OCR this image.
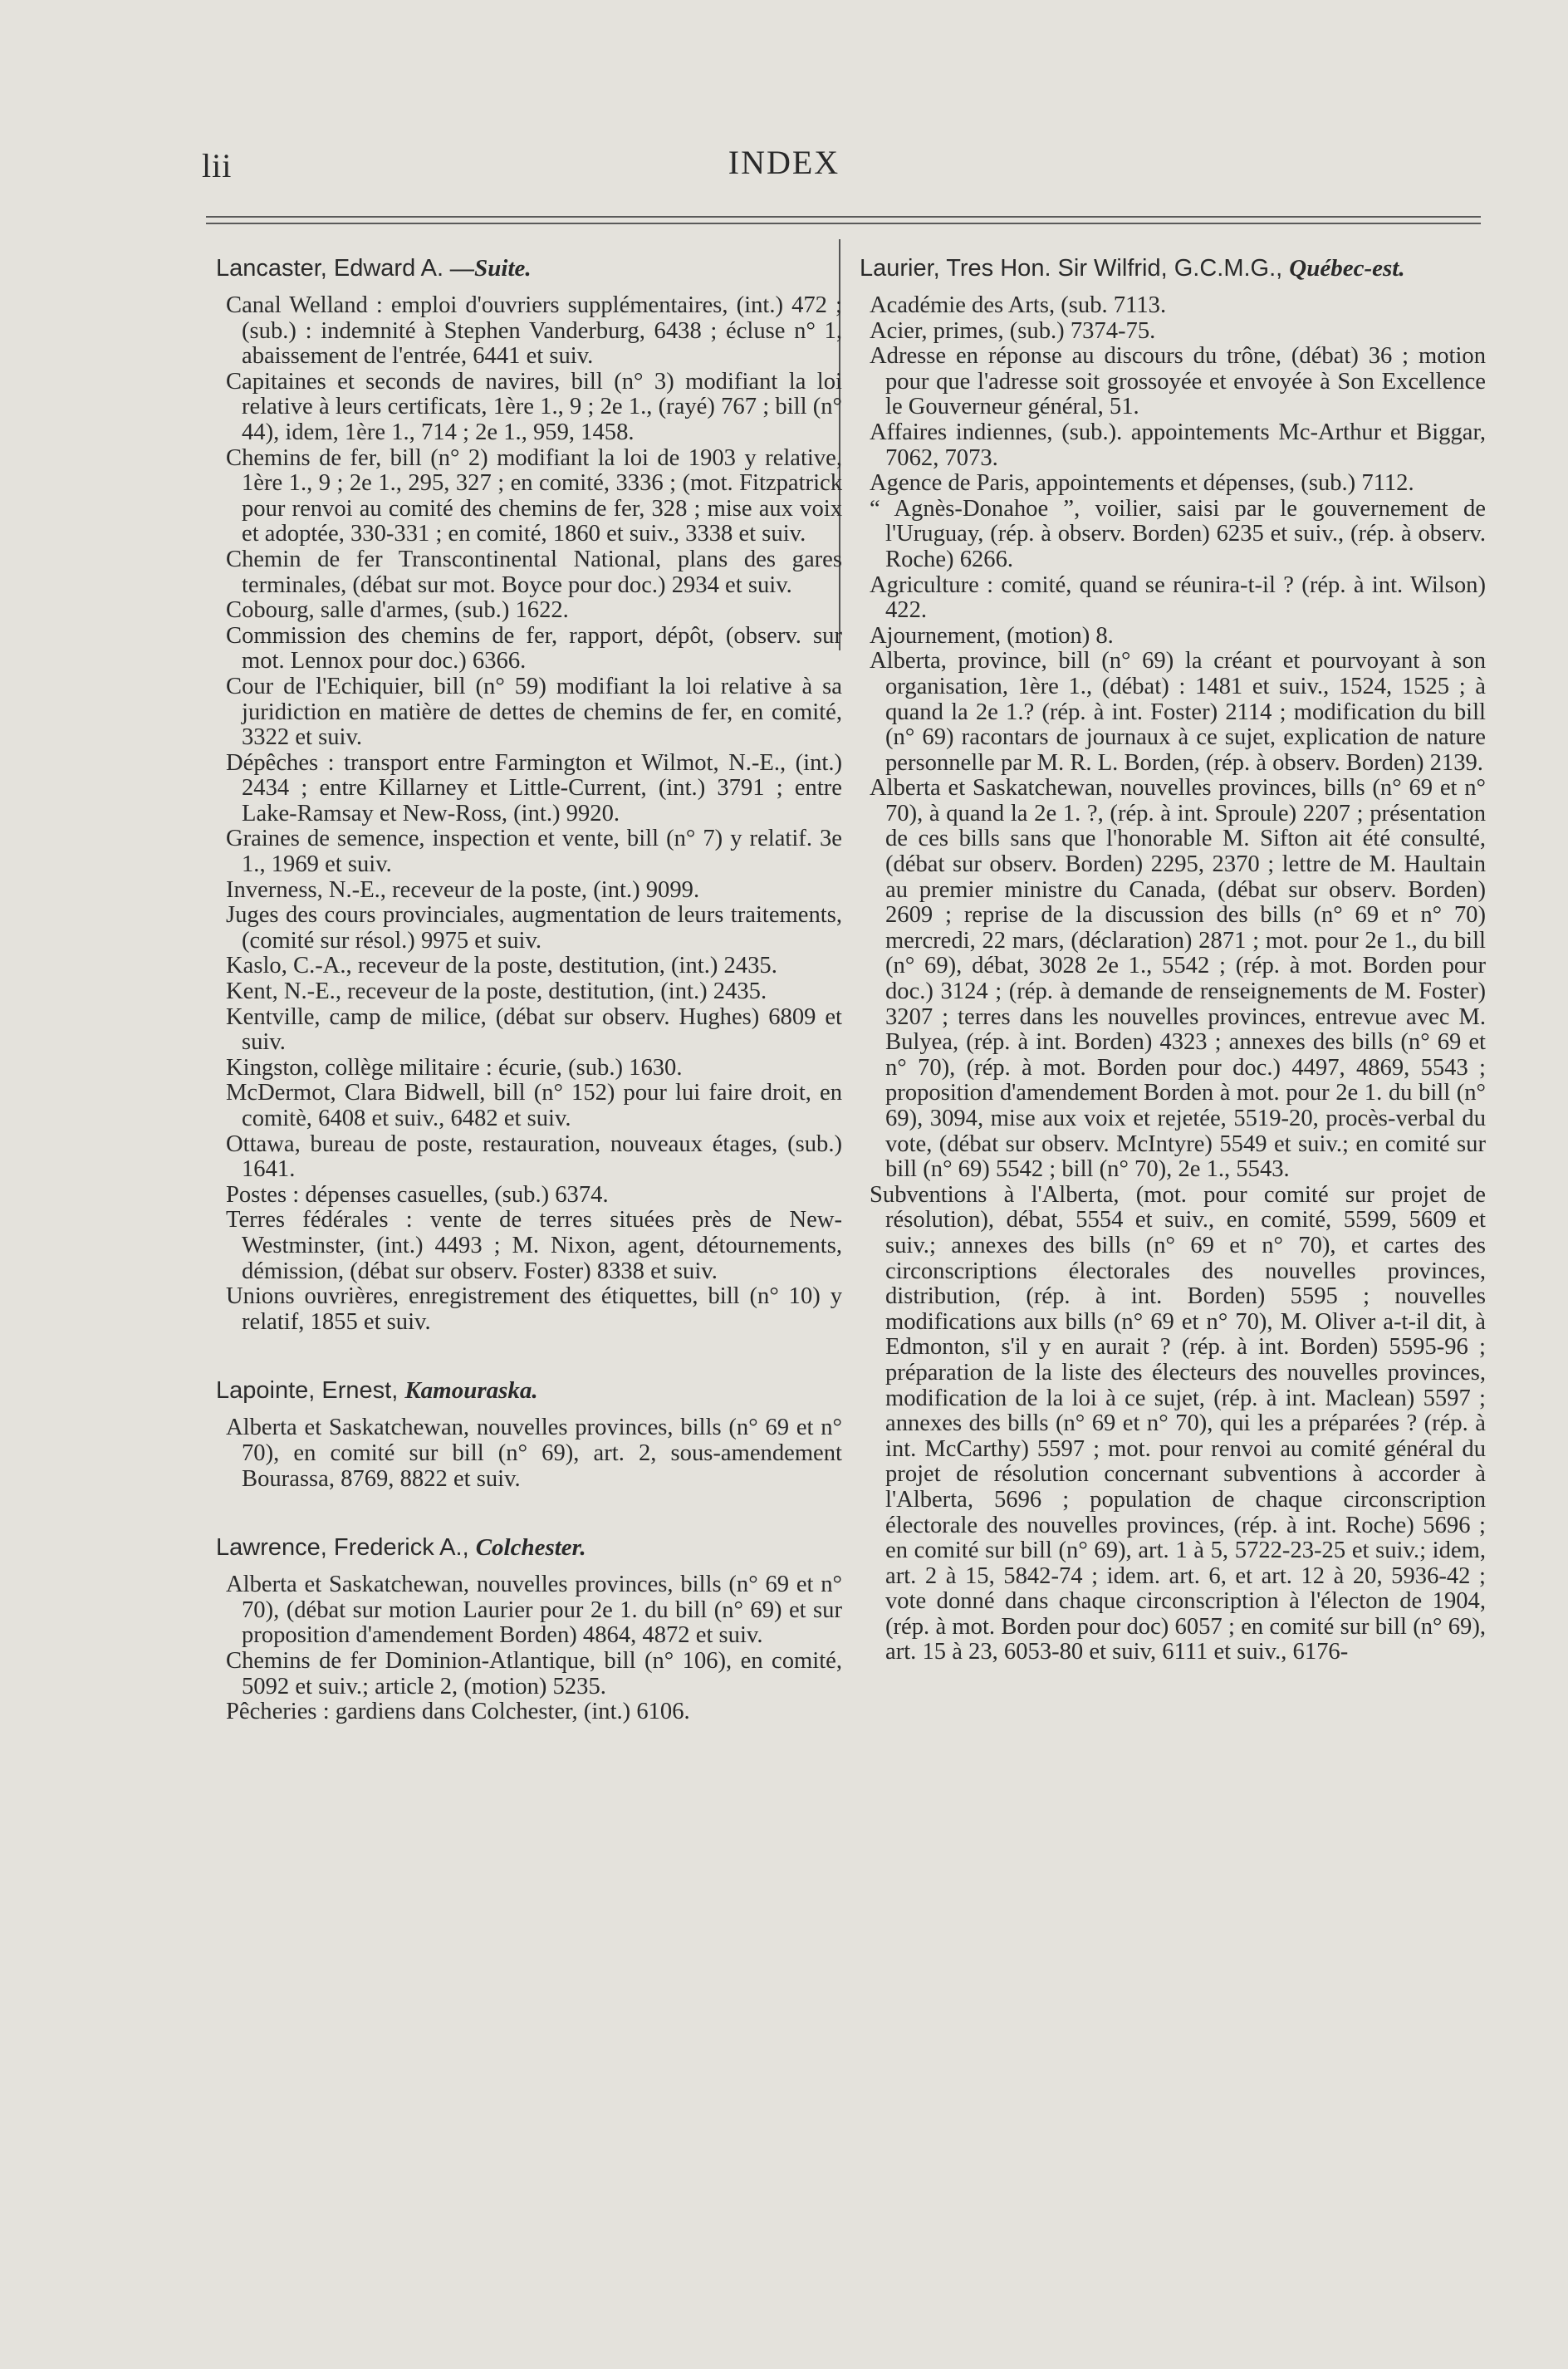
lii	INDEX
Lancaster, Edward A. —Suite.

Canal Welland : emploi d'ouvriers supplémentaires, (int.) 472 ; (sub.) : indemnité à Stephen Vanderburg, 6438 ; écluse n° 1, abaissement de l'entrée, 6441 et suiv.

Capitaines et seconds de navires, bill (n° 3) modifiant la loi relative à leurs certificats, 1ère 1., 9 ; 2e 1., (rayé) 767 ; bill (n° 44), idem, 1ère 1., 714 ; 2e 1., 959, 1458.

Chemins de fer, bill (n° 2) modifiant la loi de 1903 y relative, 1ère 1., 9 ; 2e 1., 295, 327 ; en comité, 3336 ; (mot. Fitzpatrick pour renvoi au comité des chemins de fer, 328 ; mise aux voix et adoptée, 330-331 ; en comité, 1860 et suiv., 3338 et suiv.

Chemin de fer Transcontinental National, plans des gares terminales, (débat sur mot. Boyce pour doc.) 2934 et suiv.

Cobourg, salle d'armes, (sub.) 1622.

Commission des chemins de fer, rapport, dépôt, (observ. sur mot. Lennox pour doc.) 6366.

Cour de l'Echiquier, bill (n° 59) modifiant la loi relative à sa juridiction en matière de dettes de chemins de fer, en comité, 3322 et suiv.

Dépêches : transport entre Farmington et Wilmot, N.-E., (int.) 2434 ; entre Killarney et Little-Current, (int.) 3791 ; entre Lake-Ramsay et New-Ross, (int.) 9920.

Graines de semence, inspection et vente, bill (n° 7) y relatif. 3e 1., 1969 et suiv.

Inverness, N.-E., receveur de la poste, (int.) 9099.

Juges des cours provinciales, augmentation de leurs traitements, (comité sur résol.) 9975 et suiv.

Kaslo, C.-A., receveur de la poste, destitution, (int.) 2435.

Kent, N.-E., receveur de la poste, destitution, (int.) 2435.

Kentville, camp de milice, (débat sur observ. Hughes) 6809 et suiv.

Kingston, collège militaire : écurie, (sub.) 1630.

McDermot, Clara Bidwell, bill (n° 152) pour lui faire droit, en comitè, 6408 et suiv., 6482 et suiv.

Ottawa, bureau de poste, restauration, nouveaux étages, (sub.) 1641.

Postes : dépenses casuelles, (sub.) 6374.

Terres fédérales : vente de terres situées près de New-Westminster, (int.) 4493 ; M. Nixon, agent, détournements, démission, (débat sur observ. Foster) 8338 et suiv.

Unions ouvrières, enregistrement des étiquettes, bill (n° 10) y relatif, 1855 et suiv.

Lapointe, Ernest, Kamouraska.

Alberta et Saskatchewan, nouvelles provinces, bills (n° 69 et n° 70), en comité sur bill (n° 69), art. 2, sous-amendement Bourassa, 8769, 8822 et suiv.

Lawrence, Frederick A., Colchester.

Alberta et Saskatchewan, nouvelles provinces, bills (n° 69 et n° 70), (débat sur motion Laurier pour 2e 1. du bill (n° 69) et sur proposition d'amendement Borden) 4864, 4872 et suiv.

Chemins de fer Dominion-Atlantique, bill (n° 106), en comité, 5092 et suiv.; article 2, (motion) 5235.

Pêcheries : gardiens dans Colchester, (int.) 6106.

Laurier, Tres Hon. Sir Wilfrid, G.C.M.G., Québec-est.

Académie des Arts, (sub. 7113.

Acier, primes, (sub.) 7374-75.

Adresse en réponse au discours du trône, (débat) 36 ; motion pour que l'adresse soit grossoyée et envoyée à Son Excellence le Gouverneur général, 51.

Affaires indiennes, (sub.). appointements Mc-Arthur et Biggar, 7062, 7073.

Agence de Paris, appointements et dépenses, (sub.) 7112.

“ Agnès-Donahoe ”, voilier, saisi par le gouvernement de l'Uruguay, (rép. à observ. Borden) 6235 et suiv., (rép. à observ. Roche) 6266.

Agriculture : comité, quand se réunira-t-il ? (rép. à int. Wilson) 422.

Ajournement, (motion) 8.

Alberta, province, bill (n° 69) la créant et pourvoyant à son organisation, 1ère 1., (débat) : 1481 et suiv., 1524, 1525 ; à quand la 2e 1.? (rép. à int. Foster) 2114 ; modification du bill (n° 69) racontars de journaux à ce sujet, explication de nature personnelle par M. R. L. Borden, (rép. à observ. Borden) 2139.

Alberta et Saskatchewan, nouvelles provinces, bills (n° 69 et n° 70), à quand la 2e 1. ?, (rép. à int. Sproule) 2207 ; présentation de ces bills sans que l'honorable M. Sifton ait été consulté, (débat sur observ. Borden) 2295, 2370 ; lettre de M. Haultain au premier ministre du Canada, (débat sur observ. Borden) 2609 ; reprise de la discussion des bills (n° 69 et n° 70) mercredi, 22 mars, (déclaration) 2871 ; mot. pour 2e 1., du bill (n° 69), débat, 3028 2e 1., 5542 ; (rép. à mot. Borden pour doc.) 3124 ; (rép. à demande de renseignements de M. Foster) 3207 ; terres dans les nouvelles provinces, entrevue avec M. Bulyea, (rép. à int. Borden) 4323 ; annexes des bills (n° 69 et n° 70), (rép. à mot. Borden pour doc.) 4497, 4869, 5543 ; proposition d'amendement Borden à mot. pour 2e 1. du bill (n° 69), 3094, mise aux voix et rejetée, 5519-20, procès-verbal du vote, (débat sur observ. McIntyre) 5549 et suiv.; en comité sur bill (n° 69) 5542 ; bill (n° 70), 2e 1., 5543.

Subventions à l'Alberta, (mot. pour comité sur projet de résolution), débat, 5554 et suiv., en comité, 5599, 5609 et suiv.; annexes des bills (n° 69 et n° 70), et cartes des circonscriptions électorales des nouvelles provinces, distribution, (rép. à int. Borden) 5595 ; nouvelles modifications aux bills (n° 69 et n° 70), M. Oliver a-t-il dit, à Edmonton, s'il y en aurait ? (rép. à int. Borden) 5595-96 ; préparation de la liste des électeurs des nouvelles provinces, modification de la loi à ce sujet, (rép. à int. Maclean) 5597 ; annexes des bills (n° 69 et n° 70), qui les a préparées ? (rép. à int. McCarthy) 5597 ; mot. pour renvoi au comité général du projet de résolution concernant subventions à accorder à l'Alberta, 5696 ; population de chaque circonscription électorale des nouvelles provinces, (rép. à int. Roche) 5696 ; en comité sur bill (n° 69), art. 1 à 5, 5722-23-25 et suiv.; idem, art. 2 à 15, 5842-74 ; idem. art. 6, et art. 12 à 20, 5936-42 ; vote donné dans chaque circonscription à l'électon de 1904, (rép. à mot. Borden pour doc) 6057 ; en comité sur bill (n° 69), art. 15 à 23, 6053-80 et suiv, 6111 et suiv., 6176-
